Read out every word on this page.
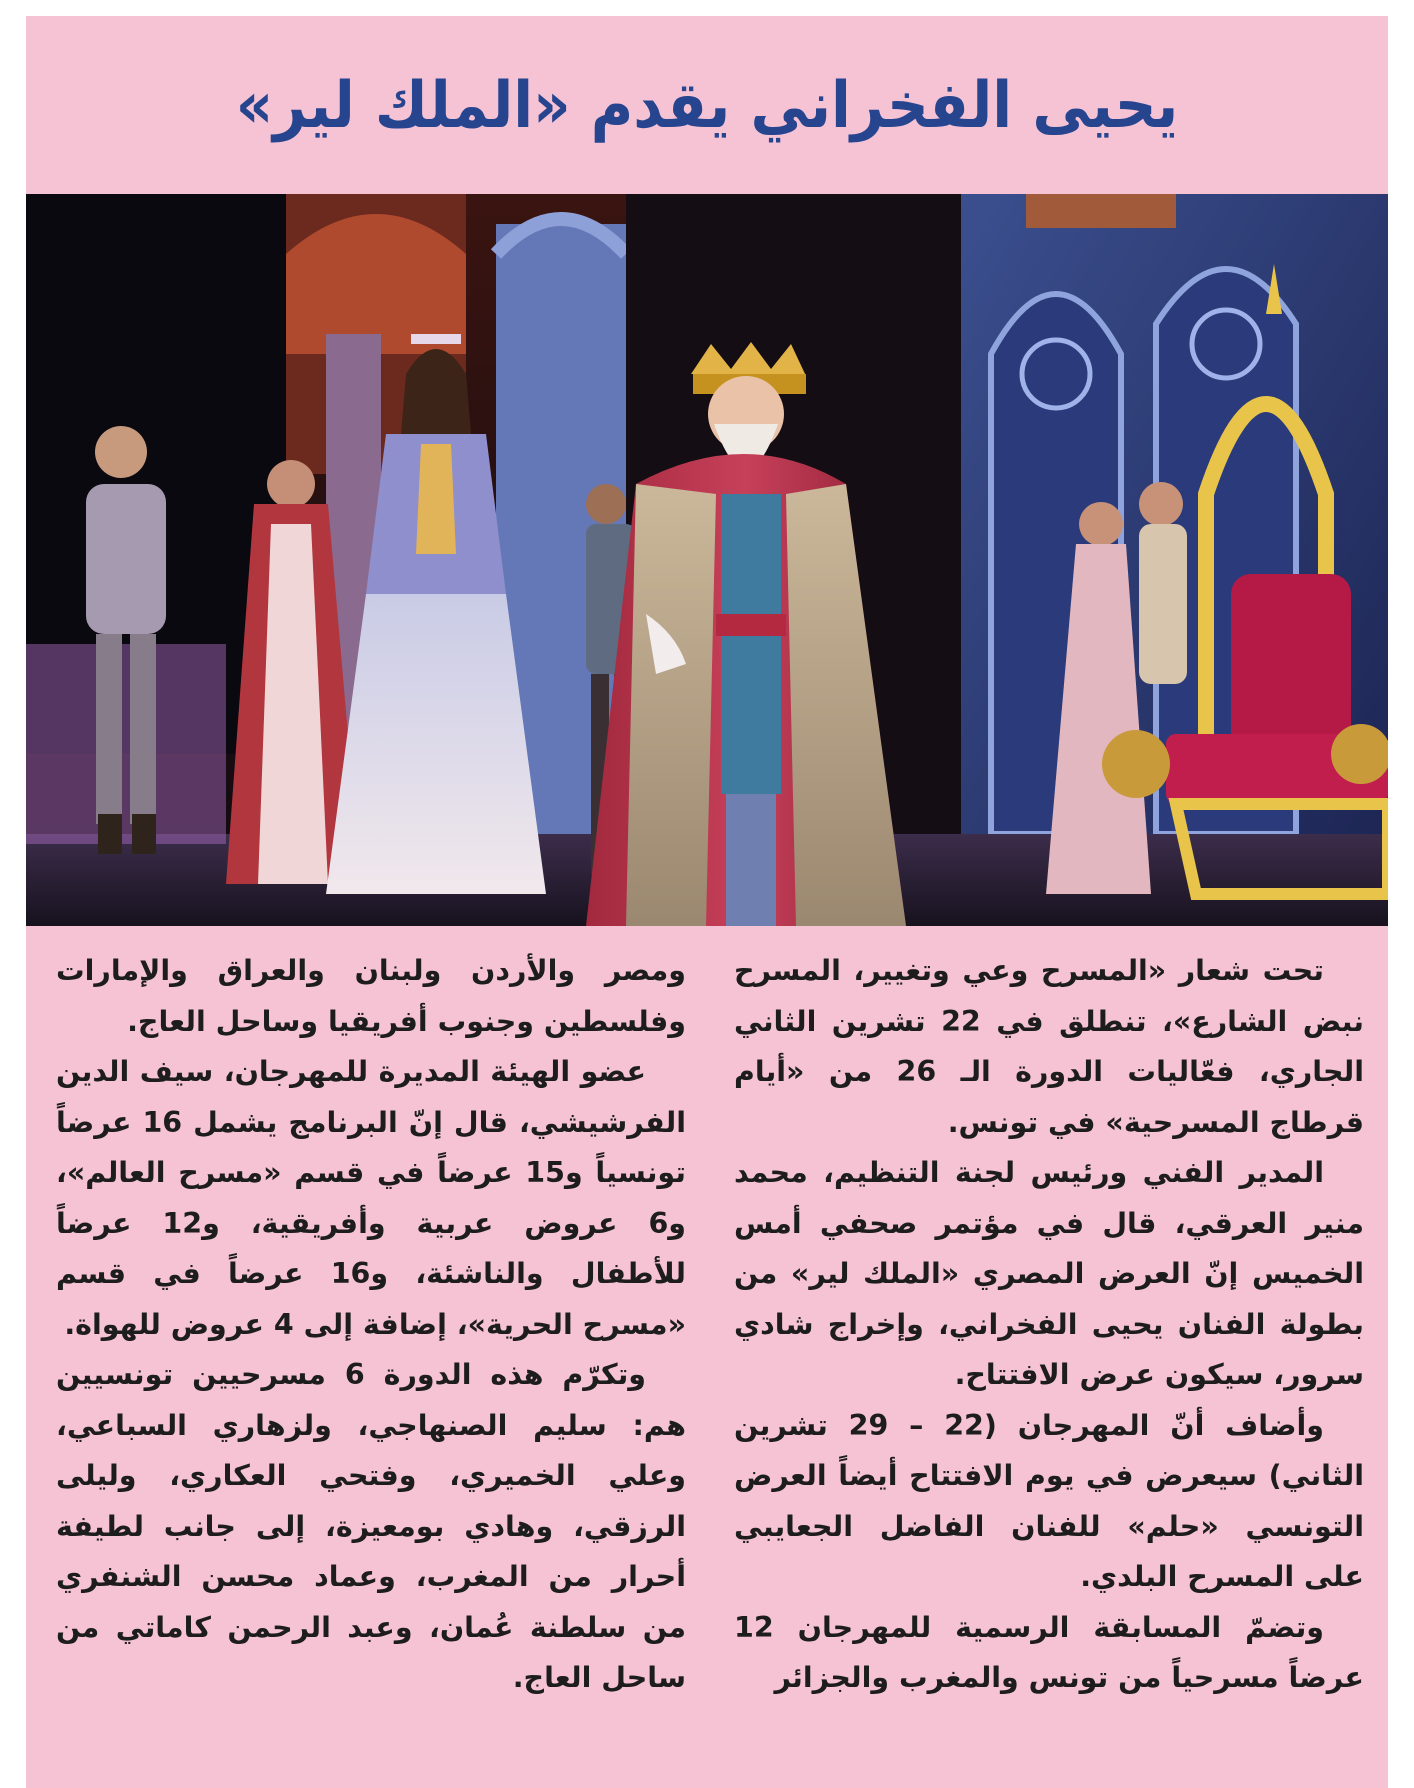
يحيى الفخراني يقدم «الملك لير»

تحت شعار «المسرح وعي وتغيير، المسرح نبض الشارع»، تنطلق في 22 تشرين الثاني الجاري، فعّاليات الدورة الـ 26 من «أيام قرطاج المسرحية» في تونس.

المدير الفني ورئيس لجنة التنظيم، محمد منير العرقي، قال في مؤتمر صحفي أمس الخميس إنّ العرض المصري «الملك لير» من بطولة الفنان يحيى الفخراني، وإخراج شادي سرور، سيكون عرض الافتتاح.

وأضاف أنّ المهرجان (22 – 29 تشرين الثاني) سيعرض في يوم الافتتاح أيضاً العرض التونسي «حلم» للفنان الفاضل الجعايبي على المسرح البلدي.

وتضمّ المسابقة الرسمية للمهرجان 12 عرضاً مسرحياً من تونس والمغرب والجزائر

ومصر والأردن ولبنان والعراق والإمارات وفلسطين وجنوب أفريقيا وساحل العاج.

عضو الهيئة المديرة للمهرجان، سيف الدين الفرشيشي، قال إنّ البرنامج يشمل 16 عرضاً تونسياً و15 عرضاً في قسم «مسرح العالم»، و6 عروض عربية وأفريقية، و12 عرضاً للأطفال والناشئة، و16 عرضاً في قسم «مسرح الحرية»، إضافة إلى 4 عروض للهواة.

وتكرّم هذه الدورة 6 مسرحيين تونسيين هم: سليم الصنهاجي، ولزهاري السباعي، وعلي الخميري، وفتحي العكاري، وليلى الرزقي، وهادي بومعيزة، إلى جانب لطيفة أحرار من المغرب، وعماد محسن الشنفري من سلطنة عُمان، وعبد الرحمن كاماتي من ساحل العاج.
